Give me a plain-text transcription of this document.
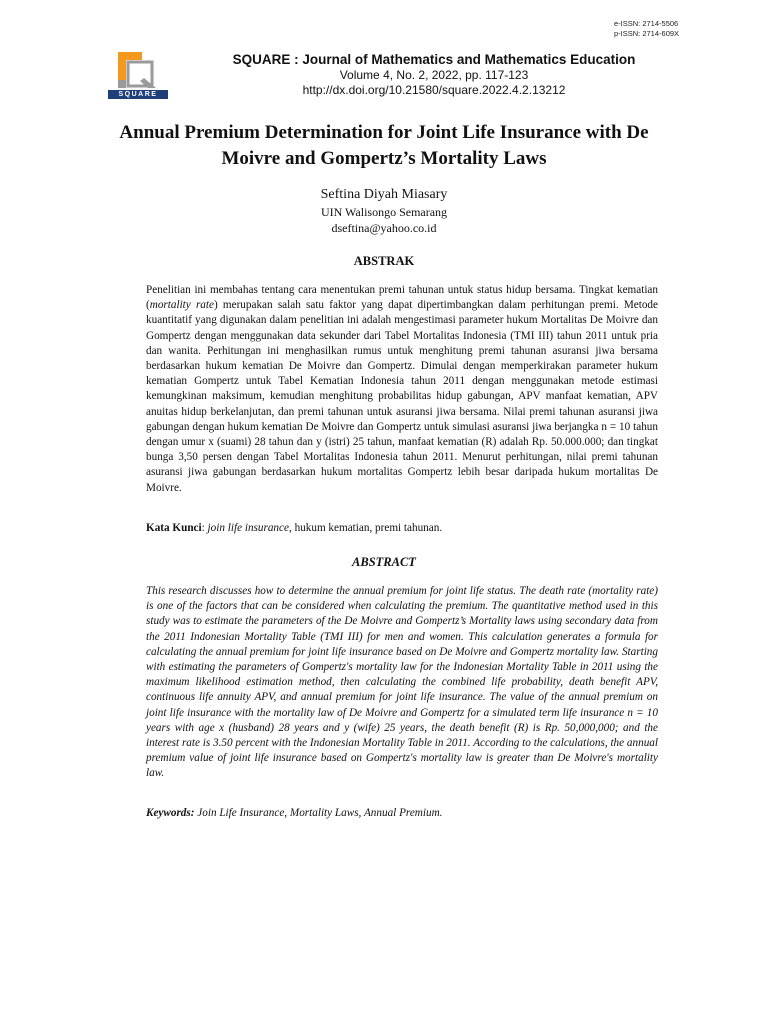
e-ISSN: 2714-5506
p-ISSN: 2714-609X
SQUARE
SQUARE : Journal of Mathematics and Mathematics Education
Volume 4, No. 2, 2022, pp. 117-123
http://dx.doi.org/10.21580/square.2022.4.2.13212
Annual Premium Determination for Joint Life Insurance with De Moivre and Gompertz’s Mortality Laws
Seftina Diyah Miasary
UIN Walisongo Semarang
dseftina@yahoo.co.id
ABSTRAK

Penelitian ini membahas tentang cara menentukan premi tahunan untuk status hidup bersama. Tingkat kematian (mortality rate) merupakan salah satu faktor yang dapat dipertimbangkan dalam perhitungan premi. Metode kuantitatif yang digunakan dalam penelitian ini adalah mengestimasi parameter hukum Mortalitas De Moivre dan Gompertz dengan menggunakan data sekunder dari Tabel Mortalitas Indonesia (TMI III) tahun 2011 untuk pria dan wanita. Perhitungan ini menghasilkan rumus untuk menghitung premi tahunan asuransi jiwa bersama berdasarkan hukum kematian De Moivre dan Gompertz. Dimulai dengan memperkirakan parameter hukum kematian Gompertz untuk Tabel Kematian Indonesia tahun 2011 dengan menggunakan metode estimasi kemungkinan maksimum, kemudian menghitung probabilitas hidup gabungan, APV manfaat kematian, APV anuitas hidup berkelanjutan, dan premi tahunan untuk asuransi jiwa bersama. Nilai premi tahunan asuransi jiwa gabungan dengan hukum kematian De Moivre dan Gompertz untuk simulasi asuransi jiwa berjangka n = 10 tahun dengan umur x (suami) 28 tahun dan y (istri) 25 tahun, manfaat kematian (R) adalah Rp. 50.000.000; dan tingkat bunga 3,50 persen dengan Tabel Mortalitas Indonesia tahun 2011. Menurut perhitungan, nilai premi tahunan asuransi jiwa gabungan berdasarkan hukum mortalitas Gompertz lebih besar daripada hukum mortalitas De Moivre.

Kata Kunci: join life insurance, hukum kematian, premi tahunan.

ABSTRACT

This research discusses how to determine the annual premium for joint life status. The death rate (mortality rate) is one of the factors that can be considered when calculating the premium. The quantitative method used in this study was to estimate the parameters of the De Moivre and Gompertz’s Mortality laws using secondary data from the 2011 Indonesian Mortality Table (TMI III) for men and women. This calculation generates a formula for calculating the annual premium for joint life insurance based on De Moivre and Gompertz mortality law. Starting with estimating the parameters of Gompertz's mortality law for the Indonesian Mortality Table in 2011 using the maximum likelihood estimation method, then calculating the combined life probability, death benefit APV, continuous life annuity APV, and annual premium for joint life insurance. The value of the annual premium on joint life insurance with the mortality law of De Moivre and Gompertz for a simulated term life insurance n = 10 years with age x (husband) 28 years and y (wife) 25 years, the death benefit (R) is Rp. 50,000,000; and the interest rate is 3.50 percent with the Indonesian Mortality Table in 2011. According to the calculations, the annual premium value of joint life insurance based on Gompertz's mortality law is greater than De Moivre's mortality law.

Keywords: Join Life Insurance, Mortality Laws, Annual Premium.
